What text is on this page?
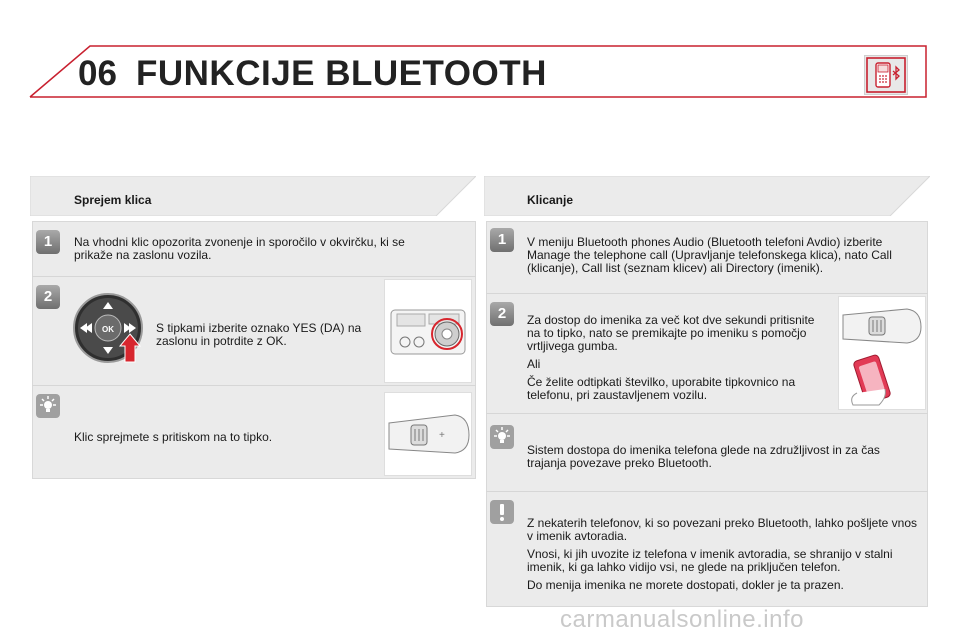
06 FUNKCIJE BLUETOOTH
Sprejem klica
1	Na vhodni klic opozorita zvonenje in sporočilo v okvirčku, ki se prikaže na zaslonu vozila.
2
OK	S tipkami izberite oznako YES (DA) na zaslonu in potrdite z OK.
Klic sprejmete s pritiskom na to tipko.	+
Klicanje
1	V meniju Bluetooth phones Audio (Bluetooth telefoni Avdio) izberite Manage the telephone call (Upravljanje telefonskega klica), nato Call (klicanje), Call list (seznam klicev) ali Directory (imenik).
2	Za dostop do imenika za več kot dve sekundi pritisnite na to tipko, nato se premikajte po imeniku s pomočjo vrtljivega gumba.

Ali

Če želite odtipkati številko, uporabite tipkovnico na telefonu, pri zaustavljenem vozilu.

Sistem dostopa do imenika telefona glede na združljivost in za čas trajanja povezave preko Bluetooth.

Z nekaterih telefonov, ki so povezani preko Bluetooth, lahko pošljete vnos v imenik avtoradia.

Vnosi, ki jih uvozite iz telefona v imenik avtoradia, se shranijo v stalni imenik, ki ga lahko vidijo vsi, ne glede na priključen telefon.

Do menija imenika ne morete dostopati, dokler je ta prazen.

carmanualsonline.info
